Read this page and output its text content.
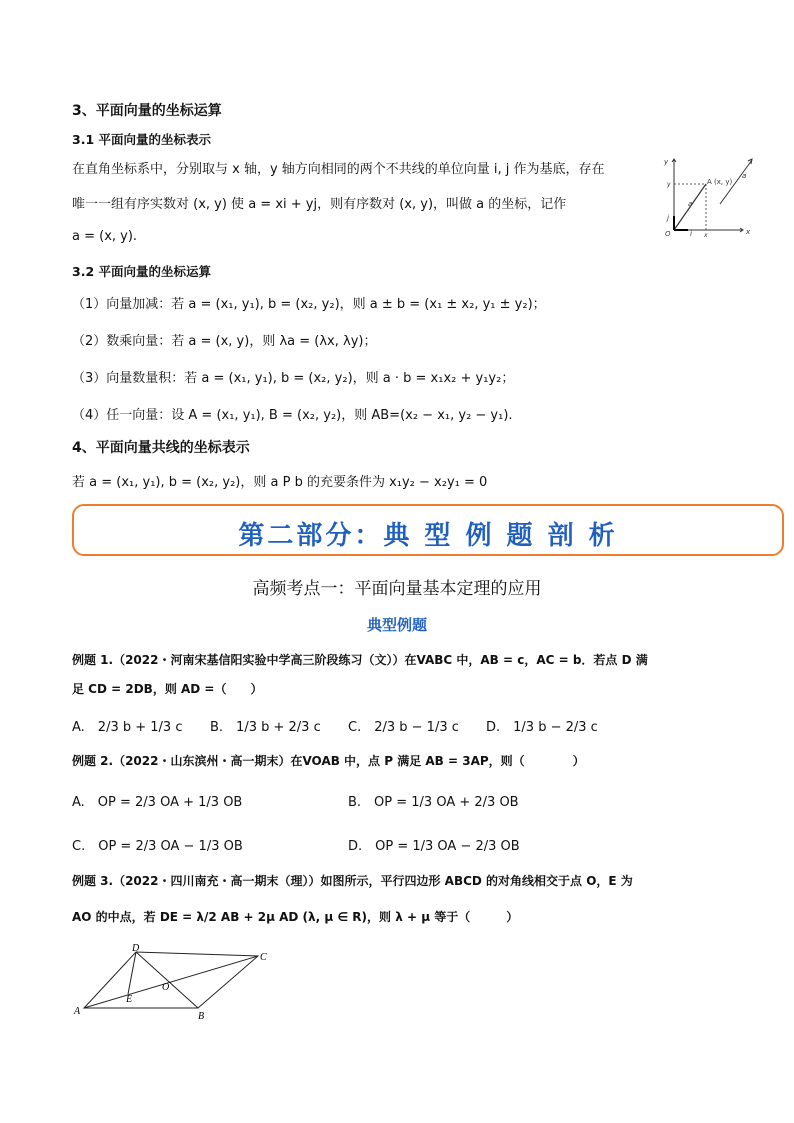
3、平面向量的坐标运算
3.1 平面向量的坐标表示
在直角坐标系中，分别取与 x 轴，y 轴方向相同的两个不共线的单位向量 i, j 作为基底，存在
唯一一组有序实数对 (x, y) 使 a = xi + yj，则有序数对 (x, y)，叫做 a 的坐标，记作
a = (x, y).
y
x
O	i
j
A (x, y)
a
a
x
y
3.2 平面向量的坐标运算
（1）向量加减：若 a = (x₁, y₁), b = (x₂, y₂)，则 a ± b = (x₁ ± x₂, y₁ ± y₂)；
（2）数乘向量：若 a = (x, y)，则 λa = (λx, λy)；
（3）向量数量积：若 a = (x₁, y₁), b = (x₂, y₂)，则 a · b = x₁x₂ + y₁y₂；
（4）任一向量：设 A = (x₁, y₁), B = (x₂, y₂)，则 AB=(x₂ − x₁, y₂ − y₁).
4、平面向量共线的坐标表示
若 a = (x₁, y₁), b = (x₂, y₂)，则 a P b 的充要条件为 x₁y₂ − x₂y₁ = 0
第二部分：典 型 例 题 剖 析
高频考点一：平面向量基本定理的应用
典型例题
例题 1.（2022・河南宋基信阳实验中学高三阶段练习（文））在VABC 中，AB = c，AC = b．若点 D 满
足 CD = 2DB，则 AD =（　　）
A.　2/3 b + 1/3 c B.　1/3 b + 2/3 c C.　2/3 b − 1/3 c D.　1/3 b − 2/3 c
例题 2.（2022・山东滨州・高一期末）在VOAB 中，点 P 满足 AB = 3AP，则（　　　　）
A.　OP = 2/3 OA + 1/3 OB	B.　OP = 1/3 OA + 2/3 OB
C.　OP = 2/3 OA − 1/3 OB	D.　OP = 1/3 OA − 2/3 OB
例题 3.（2022・四川南充・高一期末（理））如图所示，平行四边形 ABCD 的对角线相交于点 O，E 为
AO 的中点，若 DE = λ/2 AB + 2μ AD (λ, μ ∈ R)，则 λ + μ 等于（　　　）
A	B
C
D
E
O
